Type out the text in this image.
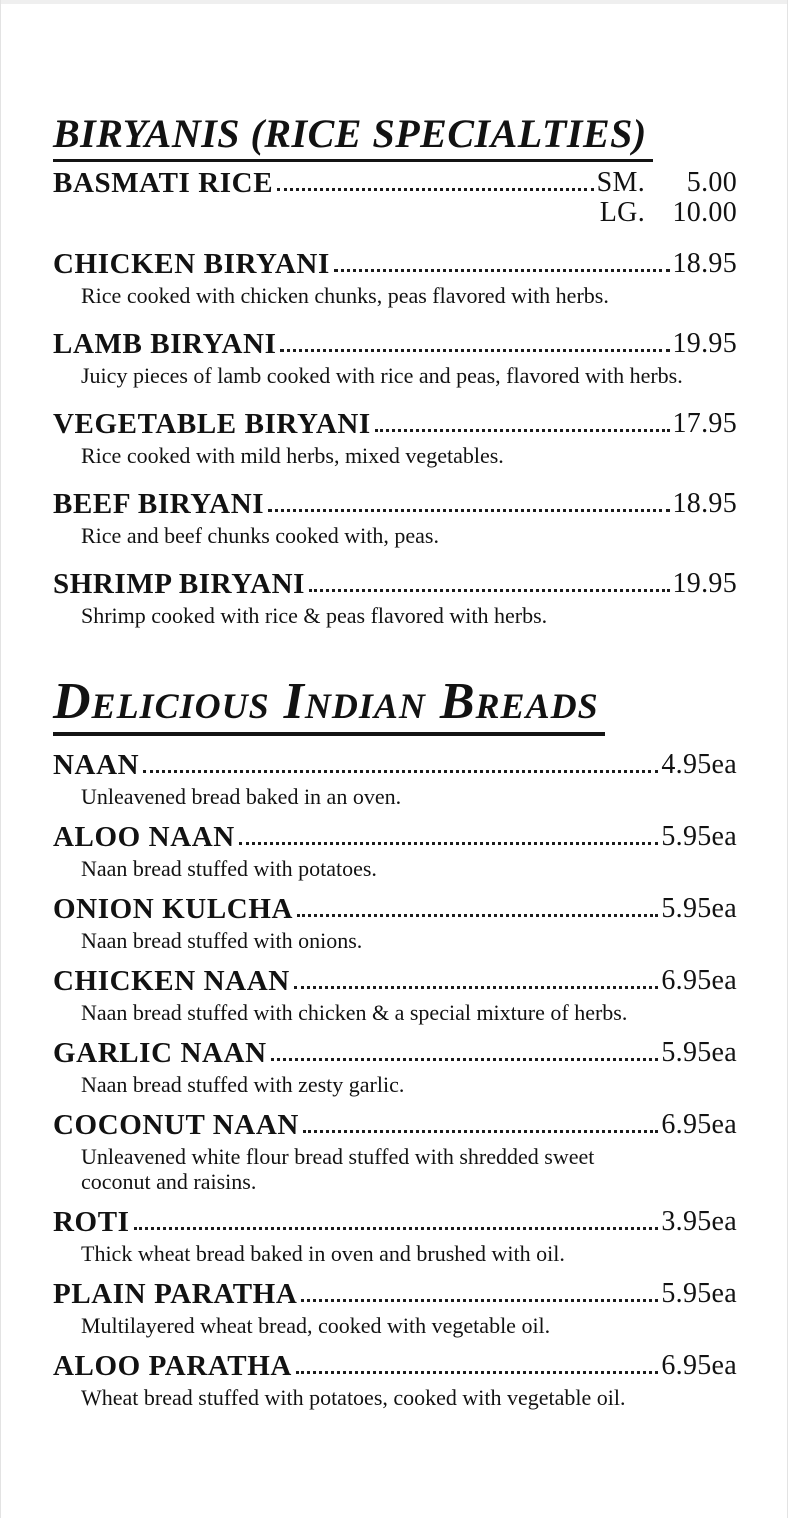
BIRYANIS (RICE SPECIALTIES)
BASMATI RICE	SM.	5.00
LG. 10.00
CHICKEN BIRYANI	18.95
Rice cooked with chicken chunks, peas flavored with herbs.
LAMB BIRYANI	19.95
Juicy pieces of lamb cooked with rice and peas, flavored with herbs.
VEGETABLE BIRYANI	17.95
Rice cooked with mild herbs, mixed vegetables.
BEEF BIRYANI	18.95
Rice and beef chunks cooked with, peas.
SHRIMP BIRYANI	19.95
Shrimp cooked with rice & peas flavored with herbs.
Delicious Indian Breads
NAAN	4.95ea
Unleavened bread baked in an oven.
ALOO NAAN	5.95ea
Naan bread stuffed with potatoes.
ONION KULCHA	5.95ea
Naan bread stuffed with onions.
CHICKEN NAAN	6.95ea
Naan bread stuffed with chicken & a special mixture of herbs.
GARLIC NAAN	5.95ea
Naan bread stuffed with zesty garlic.
COCONUT NAAN	6.95ea
Unleavened white flour bread stuffed with shredded sweet coconut and raisins.
ROTI	3.95ea
Thick wheat bread baked in oven and brushed with oil.
PLAIN PARATHA	5.95ea
Multilayered wheat bread, cooked with vegetable oil.
ALOO PARATHA	6.95ea
Wheat bread stuffed with potatoes, cooked with vegetable oil.
